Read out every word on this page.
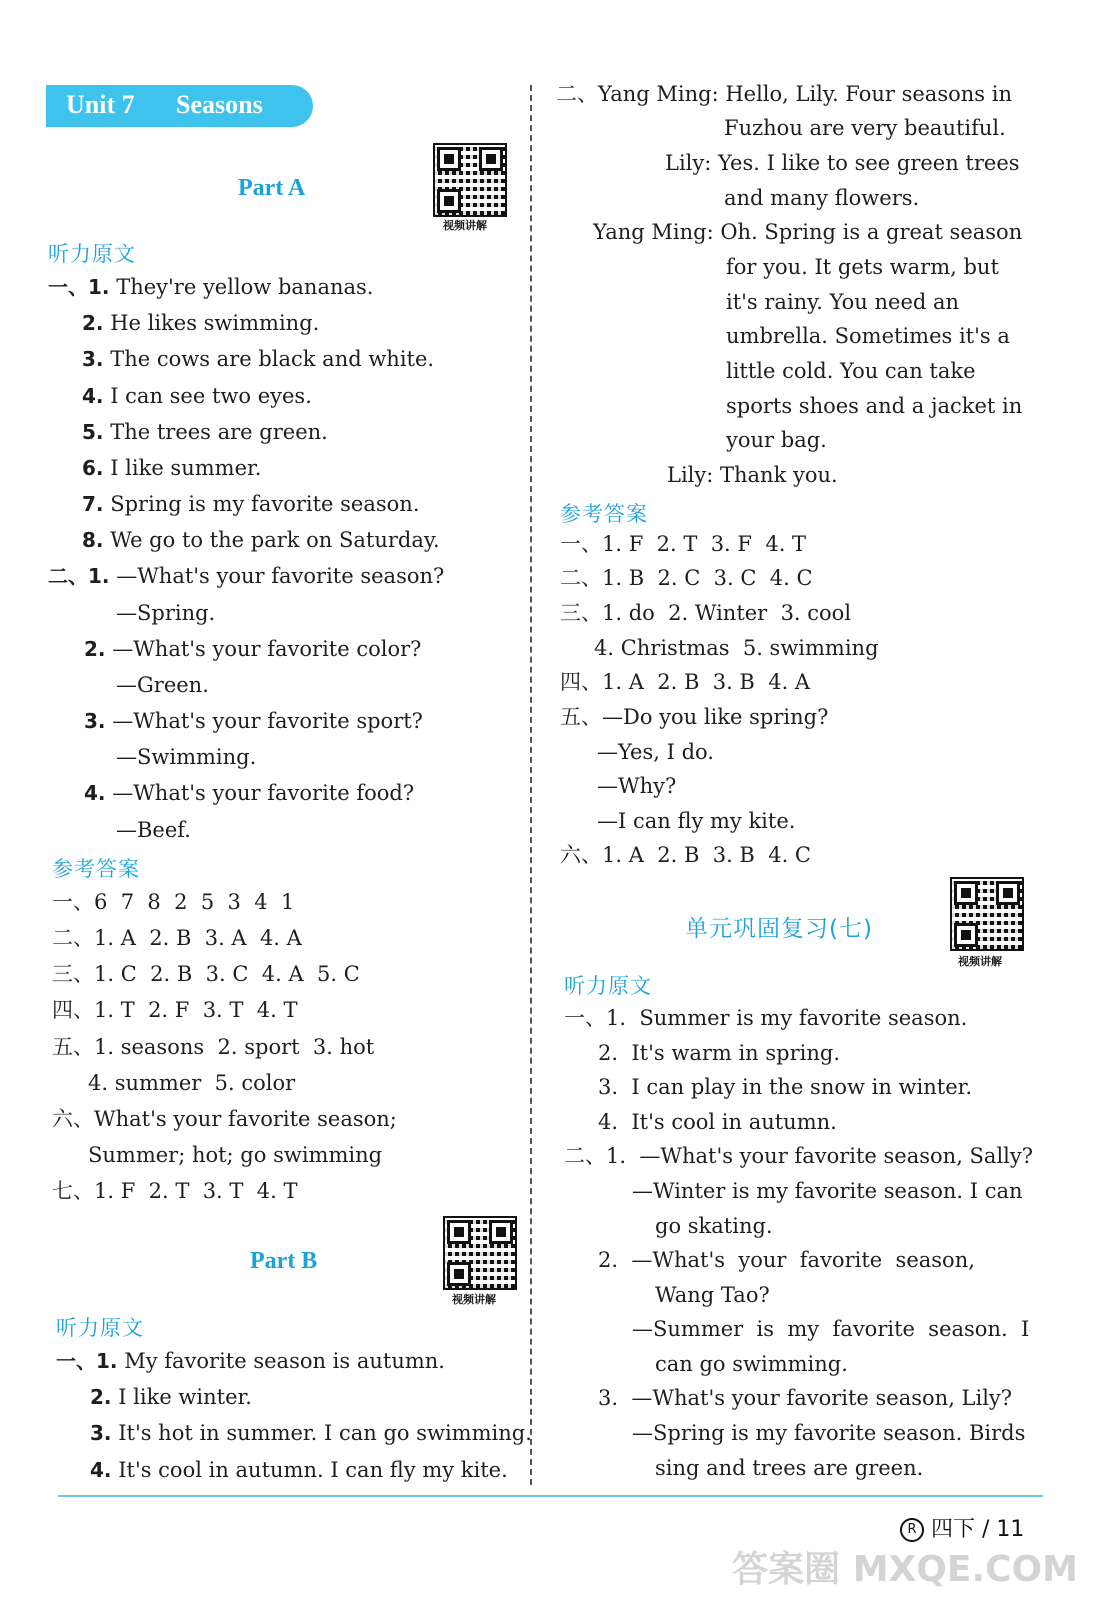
Unit 7 Seasons
视频讲解
视频讲解
视频讲解
Part A
听力原文
一、1. They're yellow bananas.
2. He likes swimming.
3. The cows are black and white.
4. I can see two eyes.
5. The trees are green.
6. I like summer.
7. Spring is my favorite season.
8. We go to the park on Saturday.
二、1. —What's your favorite season?
—Spring.
2. —What's your favorite color?
—Green.
3. —What's your favorite sport?
—Swimming.
4. —What's your favorite food?
—Beef.
参考答案
一、6  7  8  2  5  3  4  1
二、1. A  2. B  3. A  4. A
三、1. C  2. B  3. C  4. A  5. C
四、1. T  2. F  3. T  4. T
五、1. seasons  2. sport  3. hot
4. summer  5. color
六、What's your favorite season;
Summer; hot; go swimming
七、1. F  2. T  3. T  4. T
Part B
听力原文
一、1. My favorite season is autumn.
2. I like winter.
3. It's hot in summer. I can go swimming.
4. It's cool in autumn. I can fly my kite.
二、Yang Ming: Hello, Lily. Four seasons in
Fuzhou are very beautiful.
Lily: Yes. I like to see green trees
and many flowers.
Yang Ming: Oh. Spring is a great season
for you. It gets warm, but
it's rainy. You need an
umbrella. Sometimes it's a
little cold. You can take
sports shoes and a jacket in
your bag.
Lily: Thank you.
参考答案
一、1. F  2. T  3. F  4. T
二、1. B  2. C  3. C  4. C
三、1. do  2. Winter  3. cool
4. Christmas  5. swimming
四、1. A  2. B  3. B  4. A
五、—Do you like spring?
—Yes, I do.
—Why?
—I can fly my kite.
六、1. A  2. B  3. B  4. C
单元巩固复习(七)
听力原文
一、1.  Summer is my favorite season.
2.  It's warm in spring.
3.  I can play in the snow in winter.
4.  It's cool in autumn.
二、1.  —What's your favorite season, Sally?
—Winter is my favorite season. I can
go skating.
2.  —What's  your  favorite  season,
Wang Tao?
—Summer  is  my  favorite  season.  I
can go swimming.
3.  —What's your favorite season, Lily?
—Spring is my favorite season. Birds
sing and trees are green.
R 四下 / 11
答案圈 MXQE.COM
